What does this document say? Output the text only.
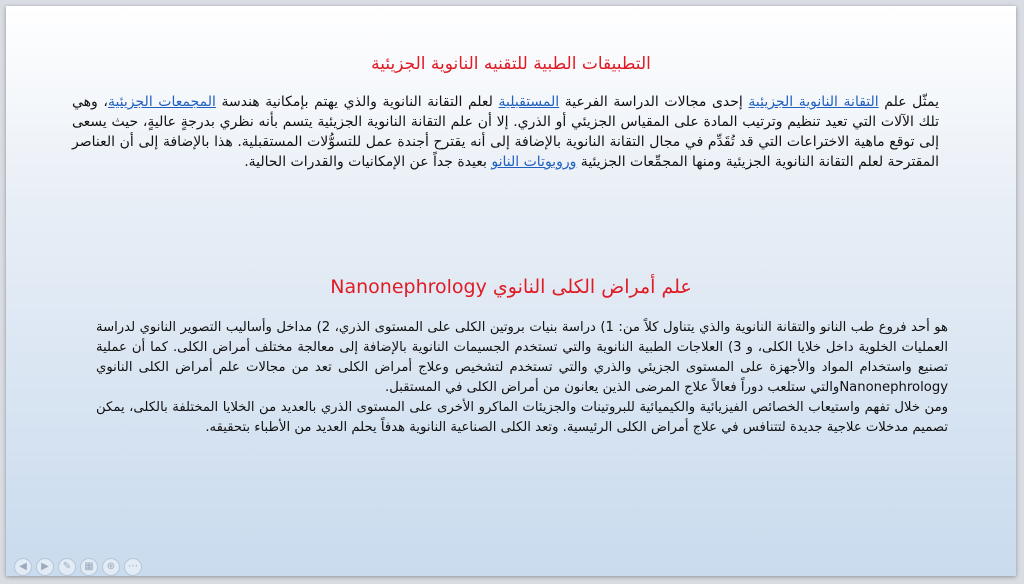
التطبيقات الطبية للتقنيه النانوية الجزيئية
يمثّل علم التقانة النانوية الجزيئية إحدى مجالات الدراسة الفرعية المستقبلية لعلم التقانة النانوية والذي يهتم بإمكانية هندسة المجمعات الجزيئية، وهي تلك الآلات التي تعيد تنظيم وترتيب المادة على المقياس الجزيئي أو الذري. إلا أن علم التقانة النانوية الجزيئية يتسم بأنه نظري بدرجةٍ عاليةٍ، حيث يسعى إلى توقع ماهية الاختراعات التي قد تُقَدِّم في مجال التقانة النانوية بالإضافة إلى أنه يقترح أجندة عمل للتسوُّلات المستقبلية. هذا بالإضافة إلى أن العناصر المقترحة لعلم التقانة النانوية الجزيئية ومنها المجمِّعات الجزيئية وروبوتات النانو بعيدة جداً عن الإمكانيات والقدرات الحالية.
علم أمراض الكلى النانوي Nanonephrology

هو أحد فروع طب النانو والتقانة النانوية والذي يتناول كلاً من: 1) دراسة بنيات بروتين الكلى على المستوى الذري، 2) مداخل وأساليب التصوير النانوي لدراسة العمليات الخلوية داخل خلايا الكلى، و 3) العلاجات الطبية النانوية والتي تستخدم الجسيمات النانوية بالإضافة إلى معالجة مختلف أمراض الكلى. كما أن عملية تصنيع واستخدام المواد والأجهزة على المستوى الجزيئي والذري والتي تستخدم لتشخيص وعلاج أمراض الكلى تعد من مجالات علم أمراض الكلى النانوي Nanonephrologyوالتي ستلعب دوراً فعالاً علاج المرضى الذين يعانون من أمراض الكلى في المستقبل.

ومن خلال تفهم واستيعاب الخصائص الفيزيائية والكيميائية للبروتينات والجزيئات الماكرو الأخرى على المستوى الذري بالعديد من الخلايا المختلفة بالكلى، يمكن تصميم مدخلات علاجية جديدة لتتنافس في علاج أمراض الكلى الرئيسية. وتعد الكلى الصناعية النانوية هدفاً يحلم العديد من الأطباء بتحقيقه.

◀	▶	✎	▦	⊕	⋯
